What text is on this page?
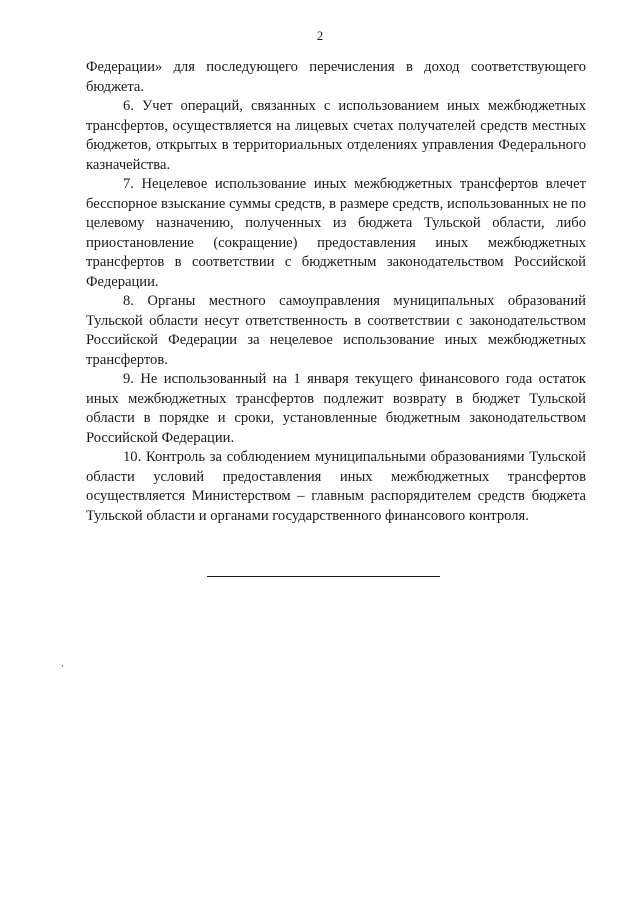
2

Федерации» для последующего перечисления в доход соответствующего бюджета.

6. Учет операций, связанных с использованием иных межбюджетных трансфертов, осуществляется на лицевых счетах получателей средств местных бюджетов, открытых в территориальных отделениях управления Федерального казначейства.

7. Нецелевое использование иных межбюджетных трансфертов влечет бесспорное взыскание суммы средств, в размере средств, использованных не по целевому назначению, полученных из бюджета Тульской области, либо приостановление (сокращение) предоставления иных межбюджетных трансфертов в соответствии с бюджетным законодательством Российской Федерации.

8. Органы местного самоуправления муниципальных образований Тульской области несут ответственность в соответствии с законодательством Российской Федерации за нецелевое использование иных межбюджетных трансфертов.

9. Не использованный на 1 января текущего финансового года остаток иных межбюджетных трансфертов подлежит возврату в бюджет Тульской области в порядке и сроки, установленные бюджетным законодательством Российской Федерации.

10. Контроль за соблюдением муниципальными образованиями Тульской области условий предоставления иных межбюджетных трансфертов осуществляется Министерством – главным распорядителем средств бюджета Тульской области и органами государственного финансового контроля.
